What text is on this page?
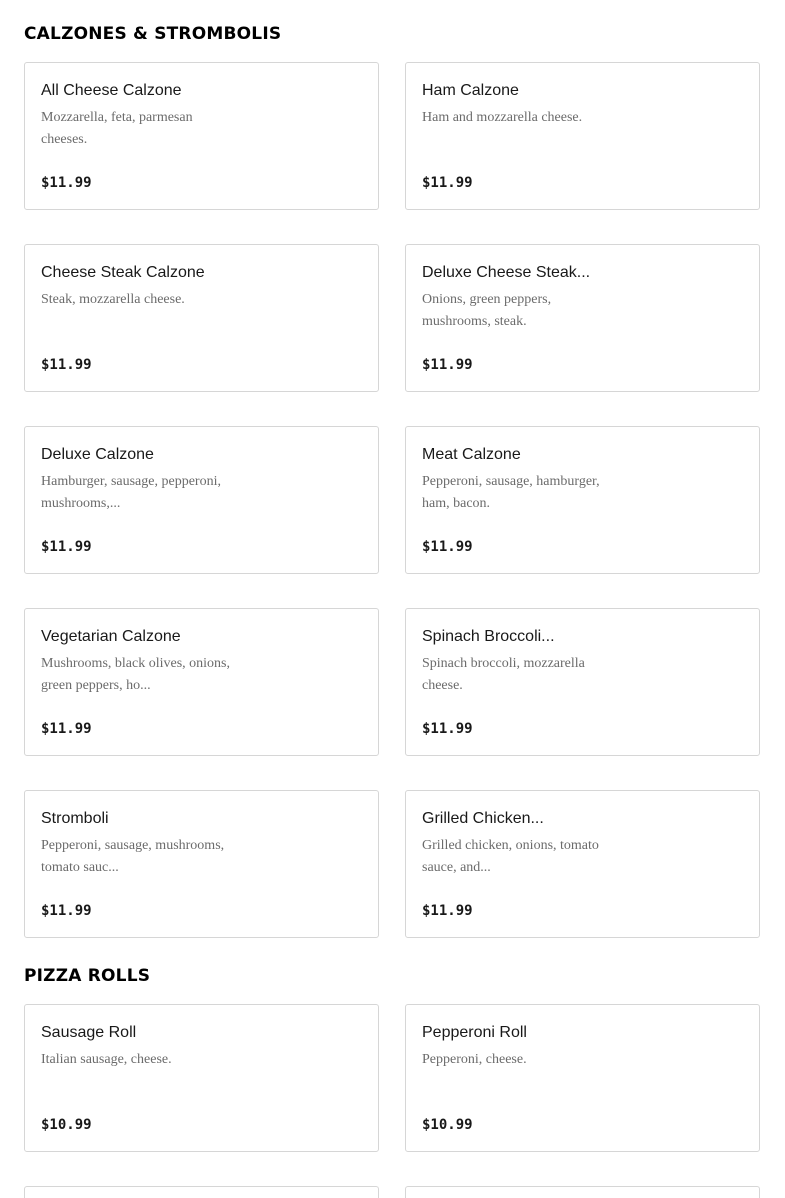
CALZONES & STROMBOLIS
All Cheese Calzone
Mozzarella, feta, parmesan cheeses.
$11.99
Ham Calzone
Ham and mozzarella cheese.
$11.99
Cheese Steak Calzone
Steak, mozzarella cheese.
$11.99
Deluxe Cheese Steak...
Onions, green peppers, mushrooms, steak.
$11.99
Deluxe Calzone
Hamburger, sausage, pepperoni, mushrooms,...
$11.99
Meat Calzone
Pepperoni, sausage, hamburger, ham, bacon.
$11.99
Vegetarian Calzone
Mushrooms, black olives, onions, green peppers, ho...
$11.99
Spinach Broccoli...
Spinach broccoli, mozzarella cheese.
$11.99
Stromboli
Pepperoni, sausage, mushrooms, tomato sauc...
$11.99
Grilled Chicken...
Grilled chicken, onions, tomato sauce, and...
$11.99
PIZZA ROLLS
Sausage Roll
Italian sausage, cheese.
$10.99
Pepperoni Roll
Pepperoni, cheese.
$10.99
